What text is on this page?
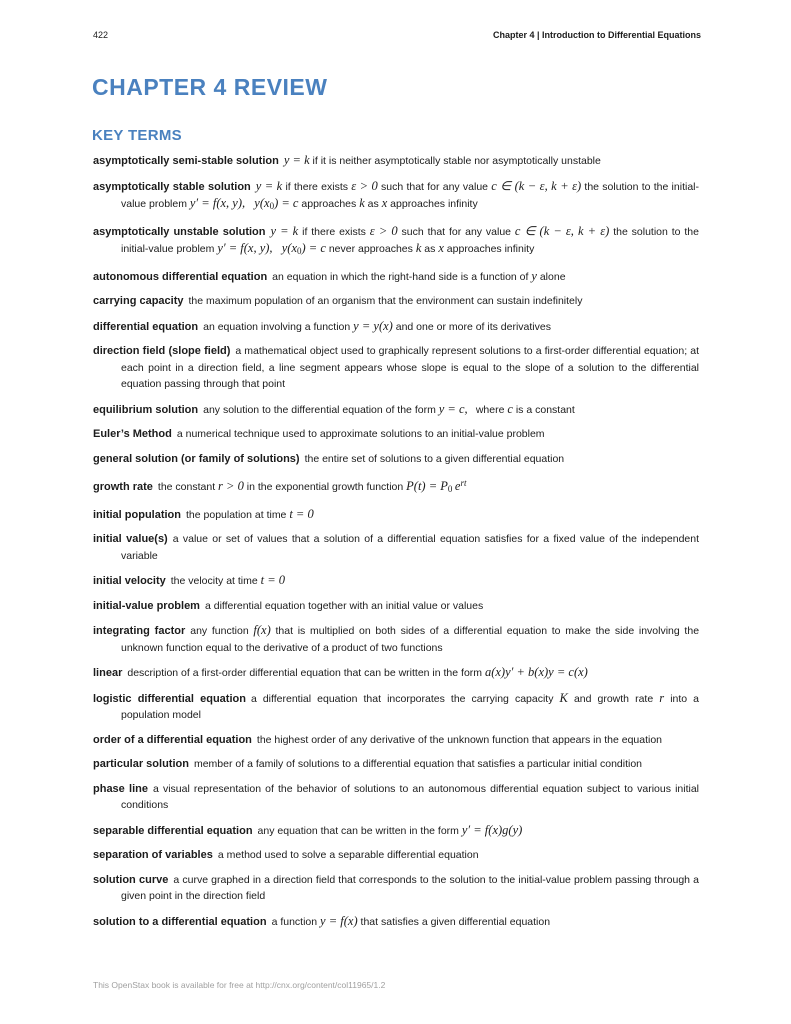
422	Chapter 4 | Introduction to Differential Equations
CHAPTER 4 REVIEW
KEY TERMS
asymptotically semi-stable solution y = k if it is neither asymptotically stable nor asymptotically unstable
asymptotically stable solution y = k if there exists ε > 0 such that for any value c ∈ (k − ε, k + ε) the solution to the initial-value problem y′ = f(x, y),  y(x0) = c approaches k as x approaches infinity
asymptotically unstable solution y = k if there exists ε > 0 such that for any value c ∈ (k − ε, k + ε) the solution to the initial-value problem y′ = f(x, y),  y(x0) = c never approaches k as x approaches infinity
autonomous differential equation an equation in which the right-hand side is a function of y alone
carrying capacity the maximum population of an organism that the environment can sustain indefinitely
differential equation an equation involving a function y = y(x) and one or more of its derivatives
direction field (slope field) a mathematical object used to graphically represent solutions to a first-order differential equation; at each point in a direction field, a line segment appears whose slope is equal to the slope of a solution to the differential equation passing through that point
equilibrium solution any solution to the differential equation of the form y = c,  where c is a constant
Euler’s Method a numerical technique used to approximate solutions to an initial-value problem
general solution (or family of solutions) the entire set of solutions to a given differential equation
growth rate the constant r > 0 in the exponential growth function P(t) = P0 ert
initial population the population at time t = 0
initial value(s) a value or set of values that a solution of a differential equation satisfies for a fixed value of the independent variable
initial velocity the velocity at time t = 0
initial-value problem a differential equation together with an initial value or values
integrating factor any function f(x) that is multiplied on both sides of a differential equation to make the side involving the unknown function equal to the derivative of a product of two functions
linear description of a first-order differential equation that can be written in the form a(x)y′ + b(x)y = c(x)
logistic differential equation a differential equation that incorporates the carrying capacity K and growth rate r into a population model
order of a differential equation the highest order of any derivative of the unknown function that appears in the equation
particular solution member of a family of solutions to a differential equation that satisfies a particular initial condition
phase line a visual representation of the behavior of solutions to an autonomous differential equation subject to various initial conditions
separable differential equation any equation that can be written in the form y′ = f(x)g(y)
separation of variables a method used to solve a separable differential equation
solution curve a curve graphed in a direction field that corresponds to the solution to the initial-value problem passing through a given point in the direction field
solution to a differential equation a function y = f(x) that satisfies a given differential equation
This OpenStax book is available for free at http://cnx.org/content/col11965/1.2
